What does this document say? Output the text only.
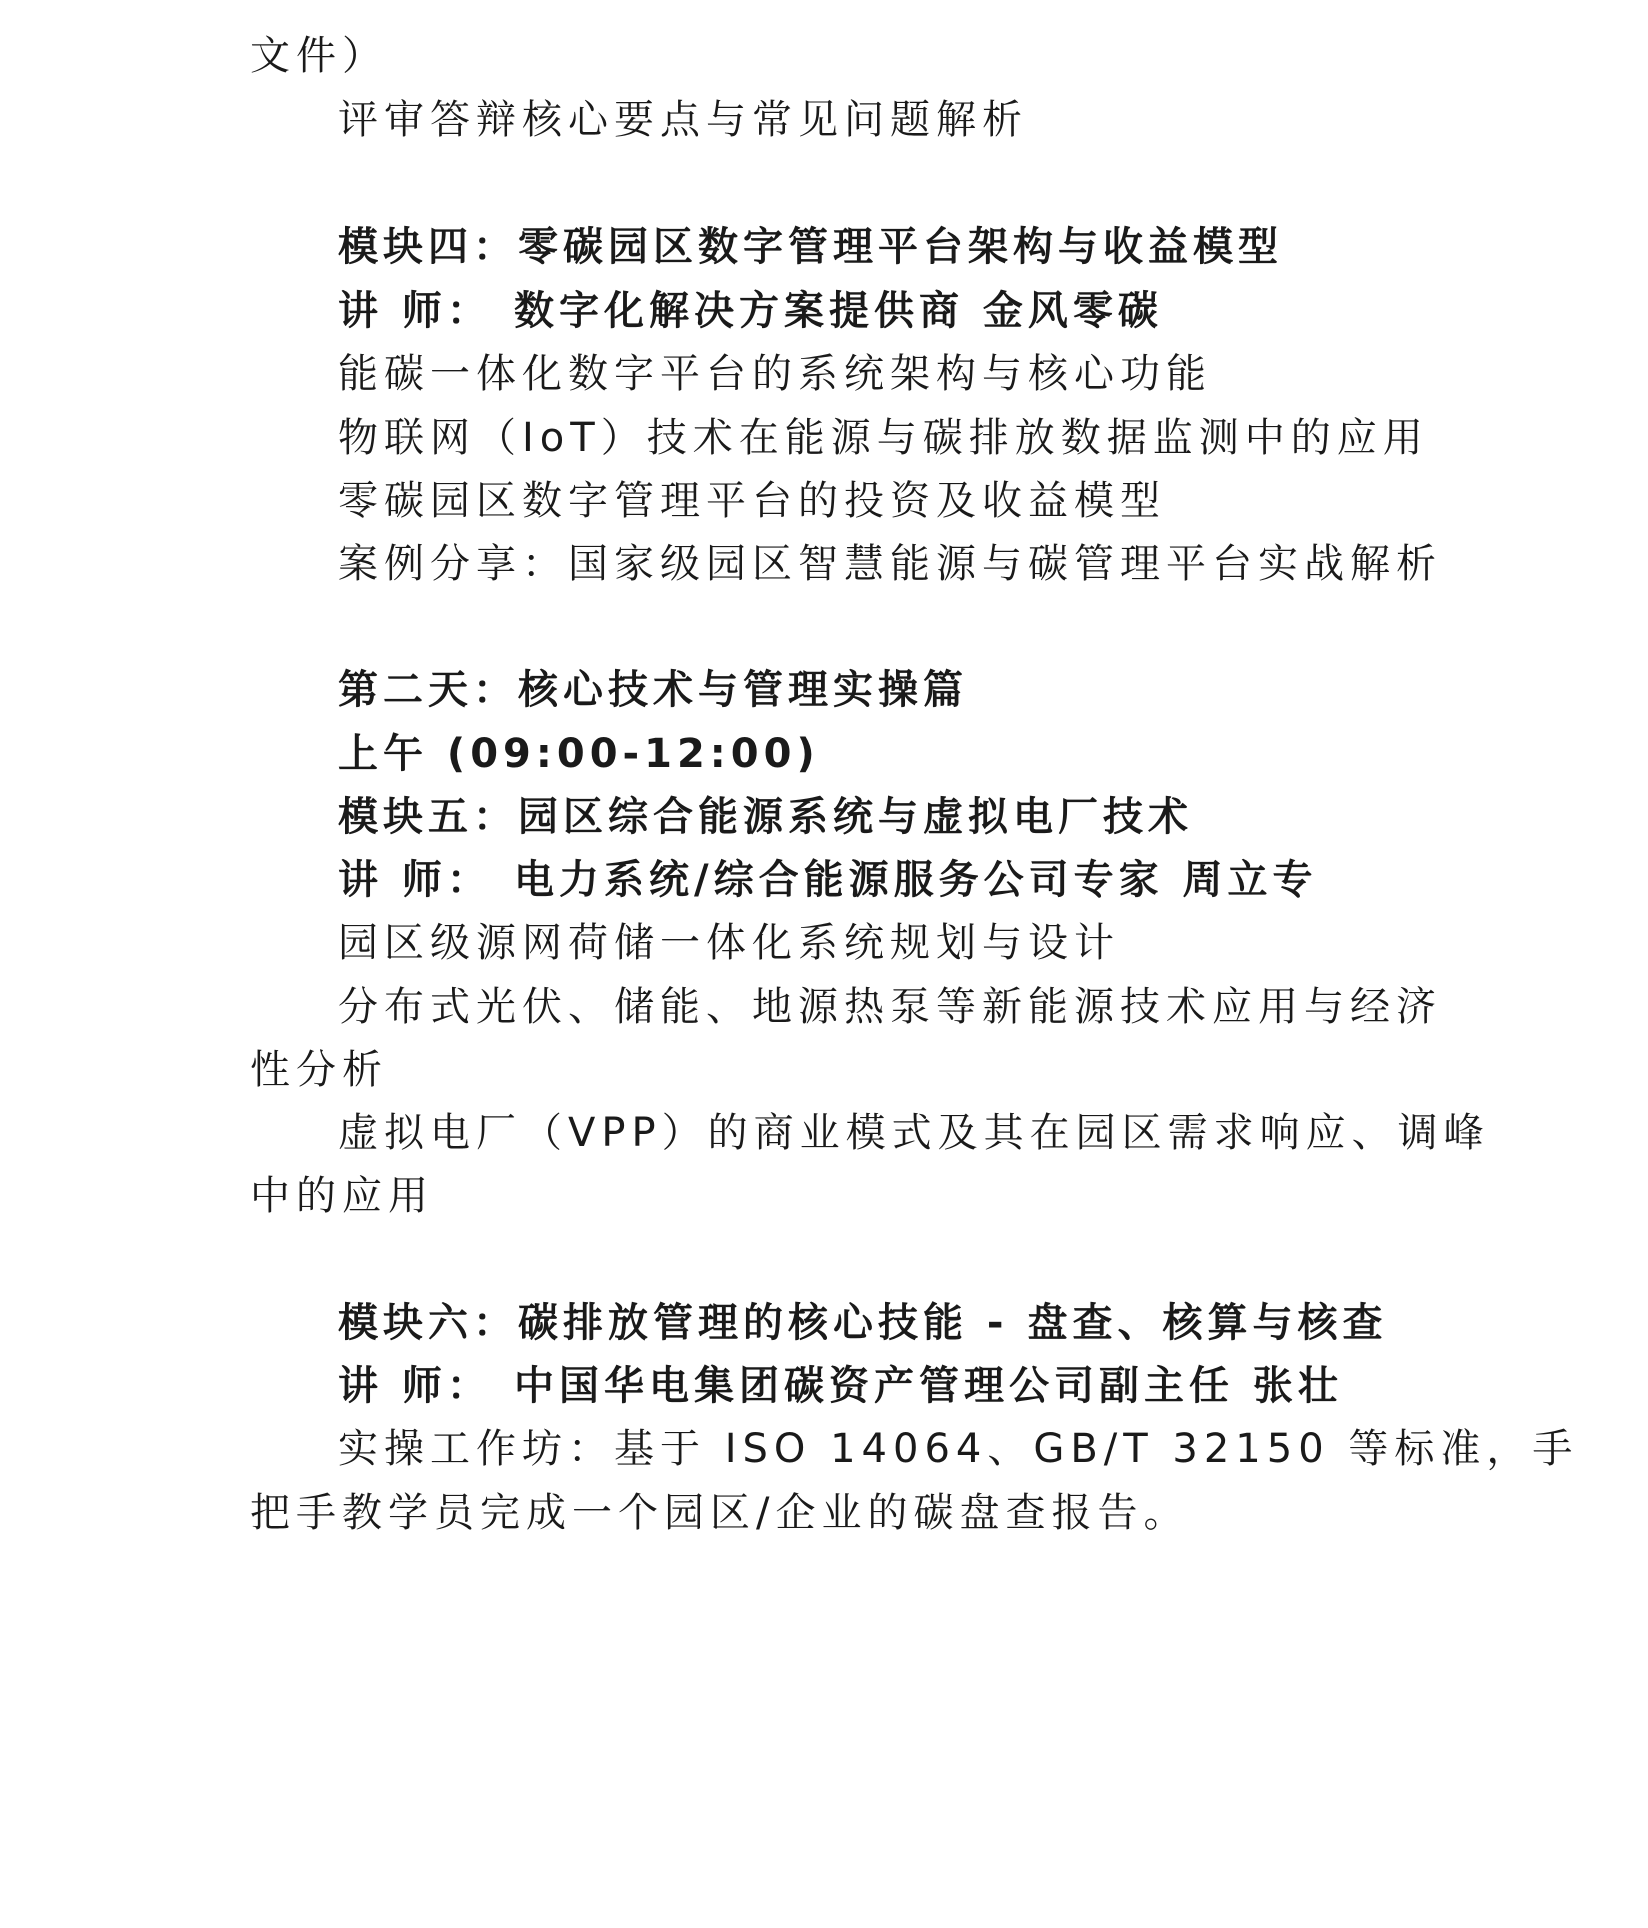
文件）
评审答辩核心要点与常见问题解析
模块四：零碳园区数字管理平台架构与收益模型
讲 师： 数字化解决方案提供商 金风零碳
能碳一体化数字平台的系统架构与核心功能
物联网（IoT）技术在能源与碳排放数据监测中的应用
零碳园区数字管理平台的投资及收益模型
案例分享：国家级园区智慧能源与碳管理平台实战解析
第二天：核心技术与管理实操篇
上午 (09:00-12:00)
模块五：园区综合能源系统与虚拟电厂技术
讲 师： 电力系统/综合能源服务公司专家 周立专
园区级源网荷储一体化系统规划与设计
分布式光伏、储能、地源热泵等新能源技术应用与经济
性分析
虚拟电厂（VPP）的商业模式及其在园区需求响应、调峰
中的应用
模块六：碳排放管理的核心技能 - 盘查、核算与核查
讲 师： 中国华电集团碳资产管理公司副主任 张壮
实操工作坊：基于 ISO 14064、GB/T 32150 等标准，手
把手教学员完成一个园区/企业的碳盘查报告。
